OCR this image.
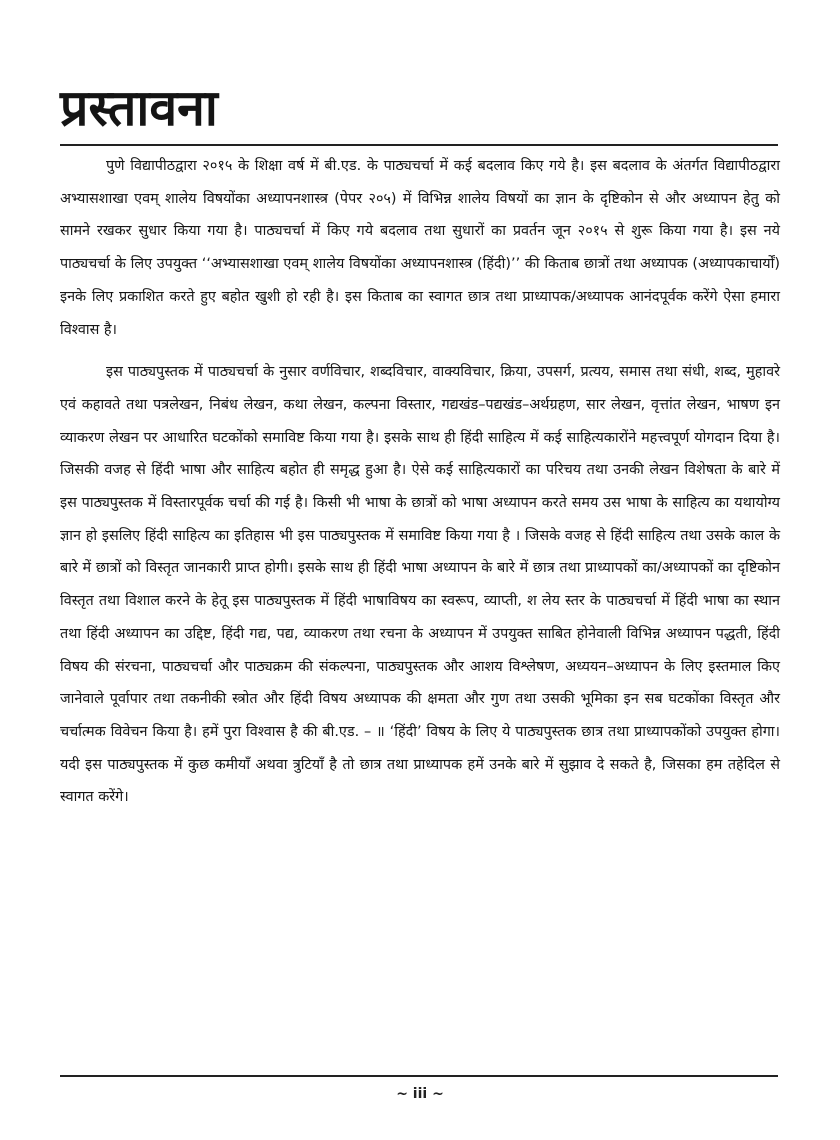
प्रस्तावना

पुणे विद्यापीठद्वारा २०१५ के शिक्षा वर्ष में बी.एड. के पाठ्यचर्चा में कई बदलाव किए गये है। इस बदलाव के अंतर्गत विद्यापीठद्वारा अभ्यासशाखा एवम् शालेय विषयोंका अध्यापनशास्त्र (पेपर २०५) में विभिन्न शालेय विषयों का ज्ञान के दृष्टिकोन से और अध्यापन हेतु को सामने रखकर सुधार किया गया है। पाठ्यचर्चा में किए गये बदलाव तथा सुधारों का प्रवर्तन जून २०१५ से शुरू किया गया है। इस नये पाठ्यचर्चा के लिए उपयुक्त ‘‘अभ्यासशाखा एवम् शालेय विषयोंका अध्यापनशास्त्र (हिंदी)’’ की किताब छात्रों तथा अध्यापक (अध्यापकाचार्यों) इनके लिए प्रकाशित करते हुए बहोत खुशी हो रही है। इस किताब का स्वागत छात्र तथा प्राध्यापक/अध्यापक आनंदपूर्वक करेंगे ऐसा हमारा विश्वास है।

इस पाठ्यपुस्तक में पाठ्यचर्चा के नुसार वर्णविचार, शब्दविचार, वाक्यविचार, क्रिया, उपसर्ग, प्रत्यय, समास तथा संधी, शब्द, मुहावरे एवं कहावते तथा पत्रलेखन, निबंध लेखन, कथा लेखन, कल्पना विस्तार, गद्यखंड–पद्यखंड–अर्थग्रहण, सार लेखन, वृत्तांत लेखन, भाषण इन व्याकरण लेखन पर आधारित घटकोंको समाविष्ट किया गया है। इसके साथ ही हिंदी साहित्य में कई साहित्यकारोंने महत्त्वपूर्ण योगदान दिया है। जिसकी वजह से हिंदी भाषा और साहित्य बहोत ही समृद्ध हुआ है। ऐसे कई साहित्यकारों का परिचय तथा उनकी लेखन विशेषता के बारे में इस पाठ्यपुस्तक में विस्तारपूर्वक चर्चा की गई है। किसी भी भाषा के छात्रों को भाषा अध्यापन करते समय उस भाषा के साहित्य का यथायोग्य ज्ञान हो इसलिए हिंदी साहित्य का इतिहास भी इस पाठ्यपुस्तक में समाविष्ट किया गया है । जिसके वजह से हिंदी साहित्य तथा उसके काल के बारे में छात्रों को विस्तृत जानकारी प्राप्त होगी। इसके साथ ही हिंदी भाषा अध्यापन के बारे में छात्र तथा प्राध्यापकों का/अध्यापकों का दृष्टिकोन विस्तृत तथा विशाल करने के हेतू इस पाठ्यपुस्तक में हिंदी भाषाविषय का स्वरूप, व्याप्ती, श लेय स्तर के पाठ्यचर्चा में हिंदी भाषा का स्थान तथा हिंदी अध्यापन का उद्दिष्ट, हिंदी गद्य, पद्य, व्याकरण तथा रचना के अध्यापन में उपयुक्त साबित होनेवाली विभिन्न अध्यापन पद्धती, हिंदी विषय की संरचना, पाठ्यचर्चा और पाठ्यक्रम की संकल्पना, पाठ्यपुस्तक और आशय विश्लेषण, अध्ययन–अध्यापन के लिए इस्तमाल किए जानेवाले पूर्वापार तथा तकनीकी स्त्रोत और हिंदी विषय अध्यापक की क्षमता और गुण तथा उसकी भूमिका इन सब घटकोंका विस्तृत और चर्चात्मक विवेचन किया है। हमें पुरा विश्वास है की बी.एड. – ॥ ‘हिंदी’ विषय के लिए ये पाठ्यपुस्तक छात्र तथा प्राध्यापकोंको उपयुक्त होगा। यदी इस पाठ्यपुस्तक में कुछ कमीयाँ अथवा त्रुटियाँ है तो छात्र तथा प्राध्यापक हमें उनके बारे में सुझाव दे सकते है, जिसका हम तहेदिल से स्वागत करेंगे।

~ iii ~
